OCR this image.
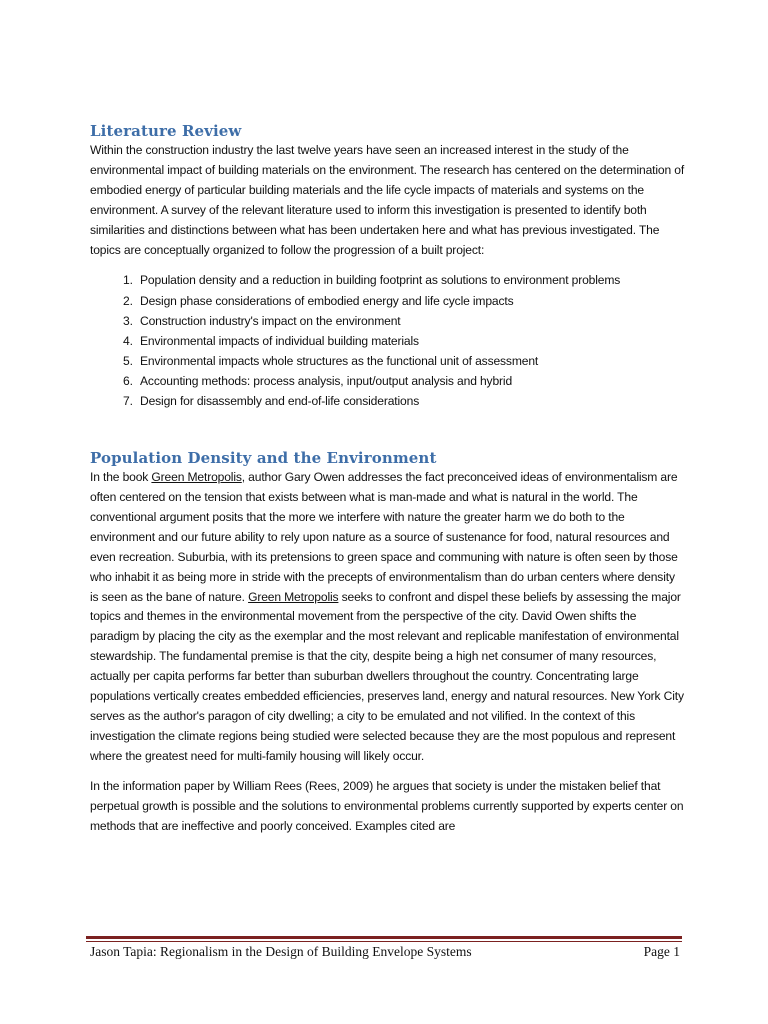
Literature Review

Within the construction industry the last twelve years have seen an increased interest in the study of the environmental impact of building materials on the environment. The research has centered on the determination of embodied energy of particular building materials and the life cycle impacts of materials and systems on the environment. A survey of the relevant literature used to inform this investigation is presented to identify both similarities and distinctions between what has been undertaken here and what has previous investigated. The topics are conceptually organized to follow the progression of a built project:

1. Population density and a reduction in building footprint as solutions to environment problems
2. Design phase considerations of embodied energy and life cycle impacts
3. Construction industry's impact on the environment
4. Environmental impacts of individual building materials
5. Environmental impacts whole structures as the functional unit of assessment
6. Accounting methods: process analysis, input/output analysis and hybrid
7. Design for disassembly and end-of-life considerations
Population Density and the Environment

In the book Green Metropolis, author Gary Owen addresses the fact preconceived ideas of environmentalism are often centered on the tension that exists between what is man-made and what is natural in the world. The conventional argument posits that the more we interfere with nature the greater harm we do both to the environment and our future ability to rely upon nature as a source of sustenance for food, natural resources and even recreation. Suburbia, with its pretensions to green space and communing with nature is often seen by those who inhabit it as being more in stride with the precepts of environmentalism than do urban centers where density is seen as the bane of nature. Green Metropolis seeks to confront and dispel these beliefs by assessing the major topics and themes in the environmental movement from the perspective of the city. David Owen shifts the paradigm by placing the city as the exemplar and the most relevant and replicable manifestation of environmental stewardship. The fundamental premise is that the city, despite being a high net consumer of many resources, actually per capita performs far better than suburban dwellers throughout the country. Concentrating large populations vertically creates embedded efficiencies, preserves land, energy and natural resources. New York City serves as the author's paragon of city dwelling; a city to be emulated and not vilified. In the context of this investigation the climate regions being studied were selected because they are the most populous and represent where the greatest need for multi-family housing will likely occur.

In the information paper by William Rees (Rees, 2009) he argues that society is under the mistaken belief that perpetual growth is possible and the solutions to environmental problems currently supported by experts center on methods that are ineffective and poorly conceived. Examples cited are

Jason Tapia: Regionalism in the Design of Building Envelope Systems	Page 1
